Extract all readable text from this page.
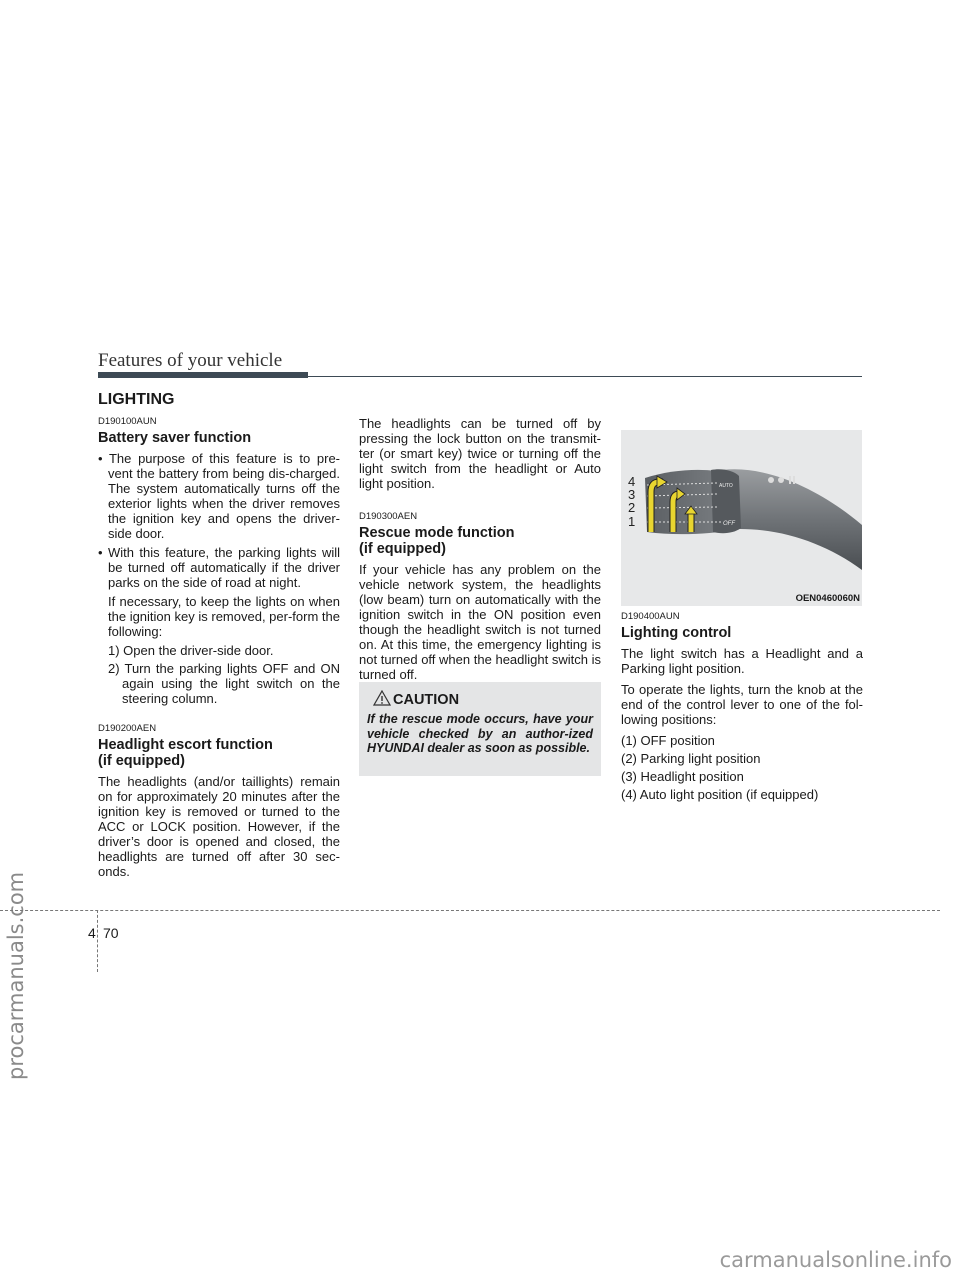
procarmanuals.com
carmanualsonline.info
Features of your vehicle
LIGHTING
D190100AUN
Battery saver function

• The purpose of this feature is to pre-vent the battery from being dis-charged. The system automatically turns off the exterior lights when the driver removes the ignition key and opens the driver-side door.

• With this feature, the parking lights will be turned off automatically if the driver parks on the side of road at night.

If necessary, to keep the lights on when the ignition key is removed, per-form the following:

1) Open the driver-side door.

2) Turn the parking lights OFF and ON again using the light switch on the steering column.

D190200AEN
Headlight escort function
(if equipped)

The headlights (and/or taillights) remain on for approximately 20 minutes after the ignition key is removed or turned to the ACC or LOCK position. However, if the driver’s door is opened and closed, the headlights are turned off after 30 sec-onds.

The headlights can be turned off by pressing the lock button on the transmit-ter (or smart key) twice or turning off the light switch from the headlight or Auto light position.

D190300AEN
Rescue mode function
(if equipped)

If your vehicle has any problem on the vehicle network system, the headlights (low beam) turn on automatically with the ignition switch in the ON position even though the headlight switch is not turned on. At this time, the emergency lighting is not turned off when the headlight switch is turned off.

CAUTION
If the rescue mode occurs, have your vehicle checked by an author-ized HYUNDAI dealer as soon as possible.
AUTO
OFF
4
3
2
1
OEN0460060N
D190400AUN
Lighting control

The light switch has a Headlight and a Parking light position.

To operate the lights, turn the knob at the end of the control lever to one of the fol-lowing positions:

(1) OFF position

(2) Parking light position

(3) Headlight position

(4) Auto light position (if equipped)

4 70
